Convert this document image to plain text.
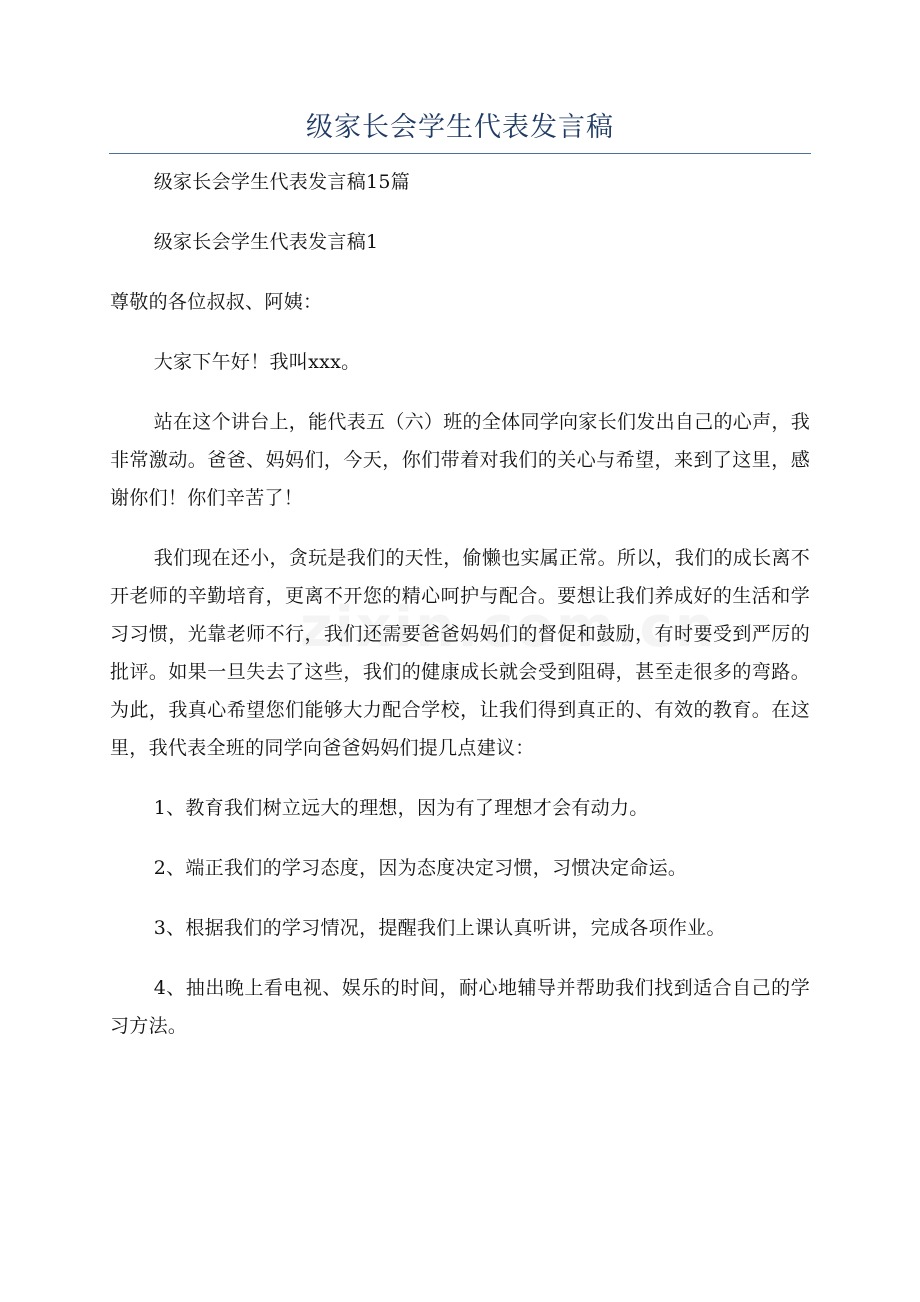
级家长会学生代表发言稿

级家长会学生代表发言稿15篇

级家长会学生代表发言稿1

尊敬的各位叔叔、阿姨：

大家下午好！我叫xxx。

站在这个讲台上，能代表五（六）班的全体同学向家长们发出自己的心声，我非常激动。爸爸、妈妈们，今天，你们带着对我们的关心与希望，来到了这里，感谢你们！你们辛苦了！

我们现在还小，贪玩是我们的天性，偷懒也实属正常。所以，我们的成长离不开老师的辛勤培育，更离不开您的精心呵护与配合。要想让我们养成好的生活和学习习惯，光靠老师不行，我们还需要爸爸妈妈们的督促和鼓励，有时要受到严厉的批评。如果一旦失去了这些，我们的健康成长就会受到阻碍，甚至走很多的弯路。为此，我真心希望您们能够大力配合学校，让我们得到真正的、有效的教育。在这里，我代表全班的同学向爸爸妈妈们提几点建议：

1、教育我们树立远大的理想，因为有了理想才会有动力。

2、端正我们的学习态度，因为态度决定习惯，习惯决定命运。

3、根据我们的学习情况，提醒我们上课认真听讲，完成各项作业。

4、抽出晚上看电视、娱乐的时间，耐心地辅导并帮助我们找到适合自己的学习方法。
